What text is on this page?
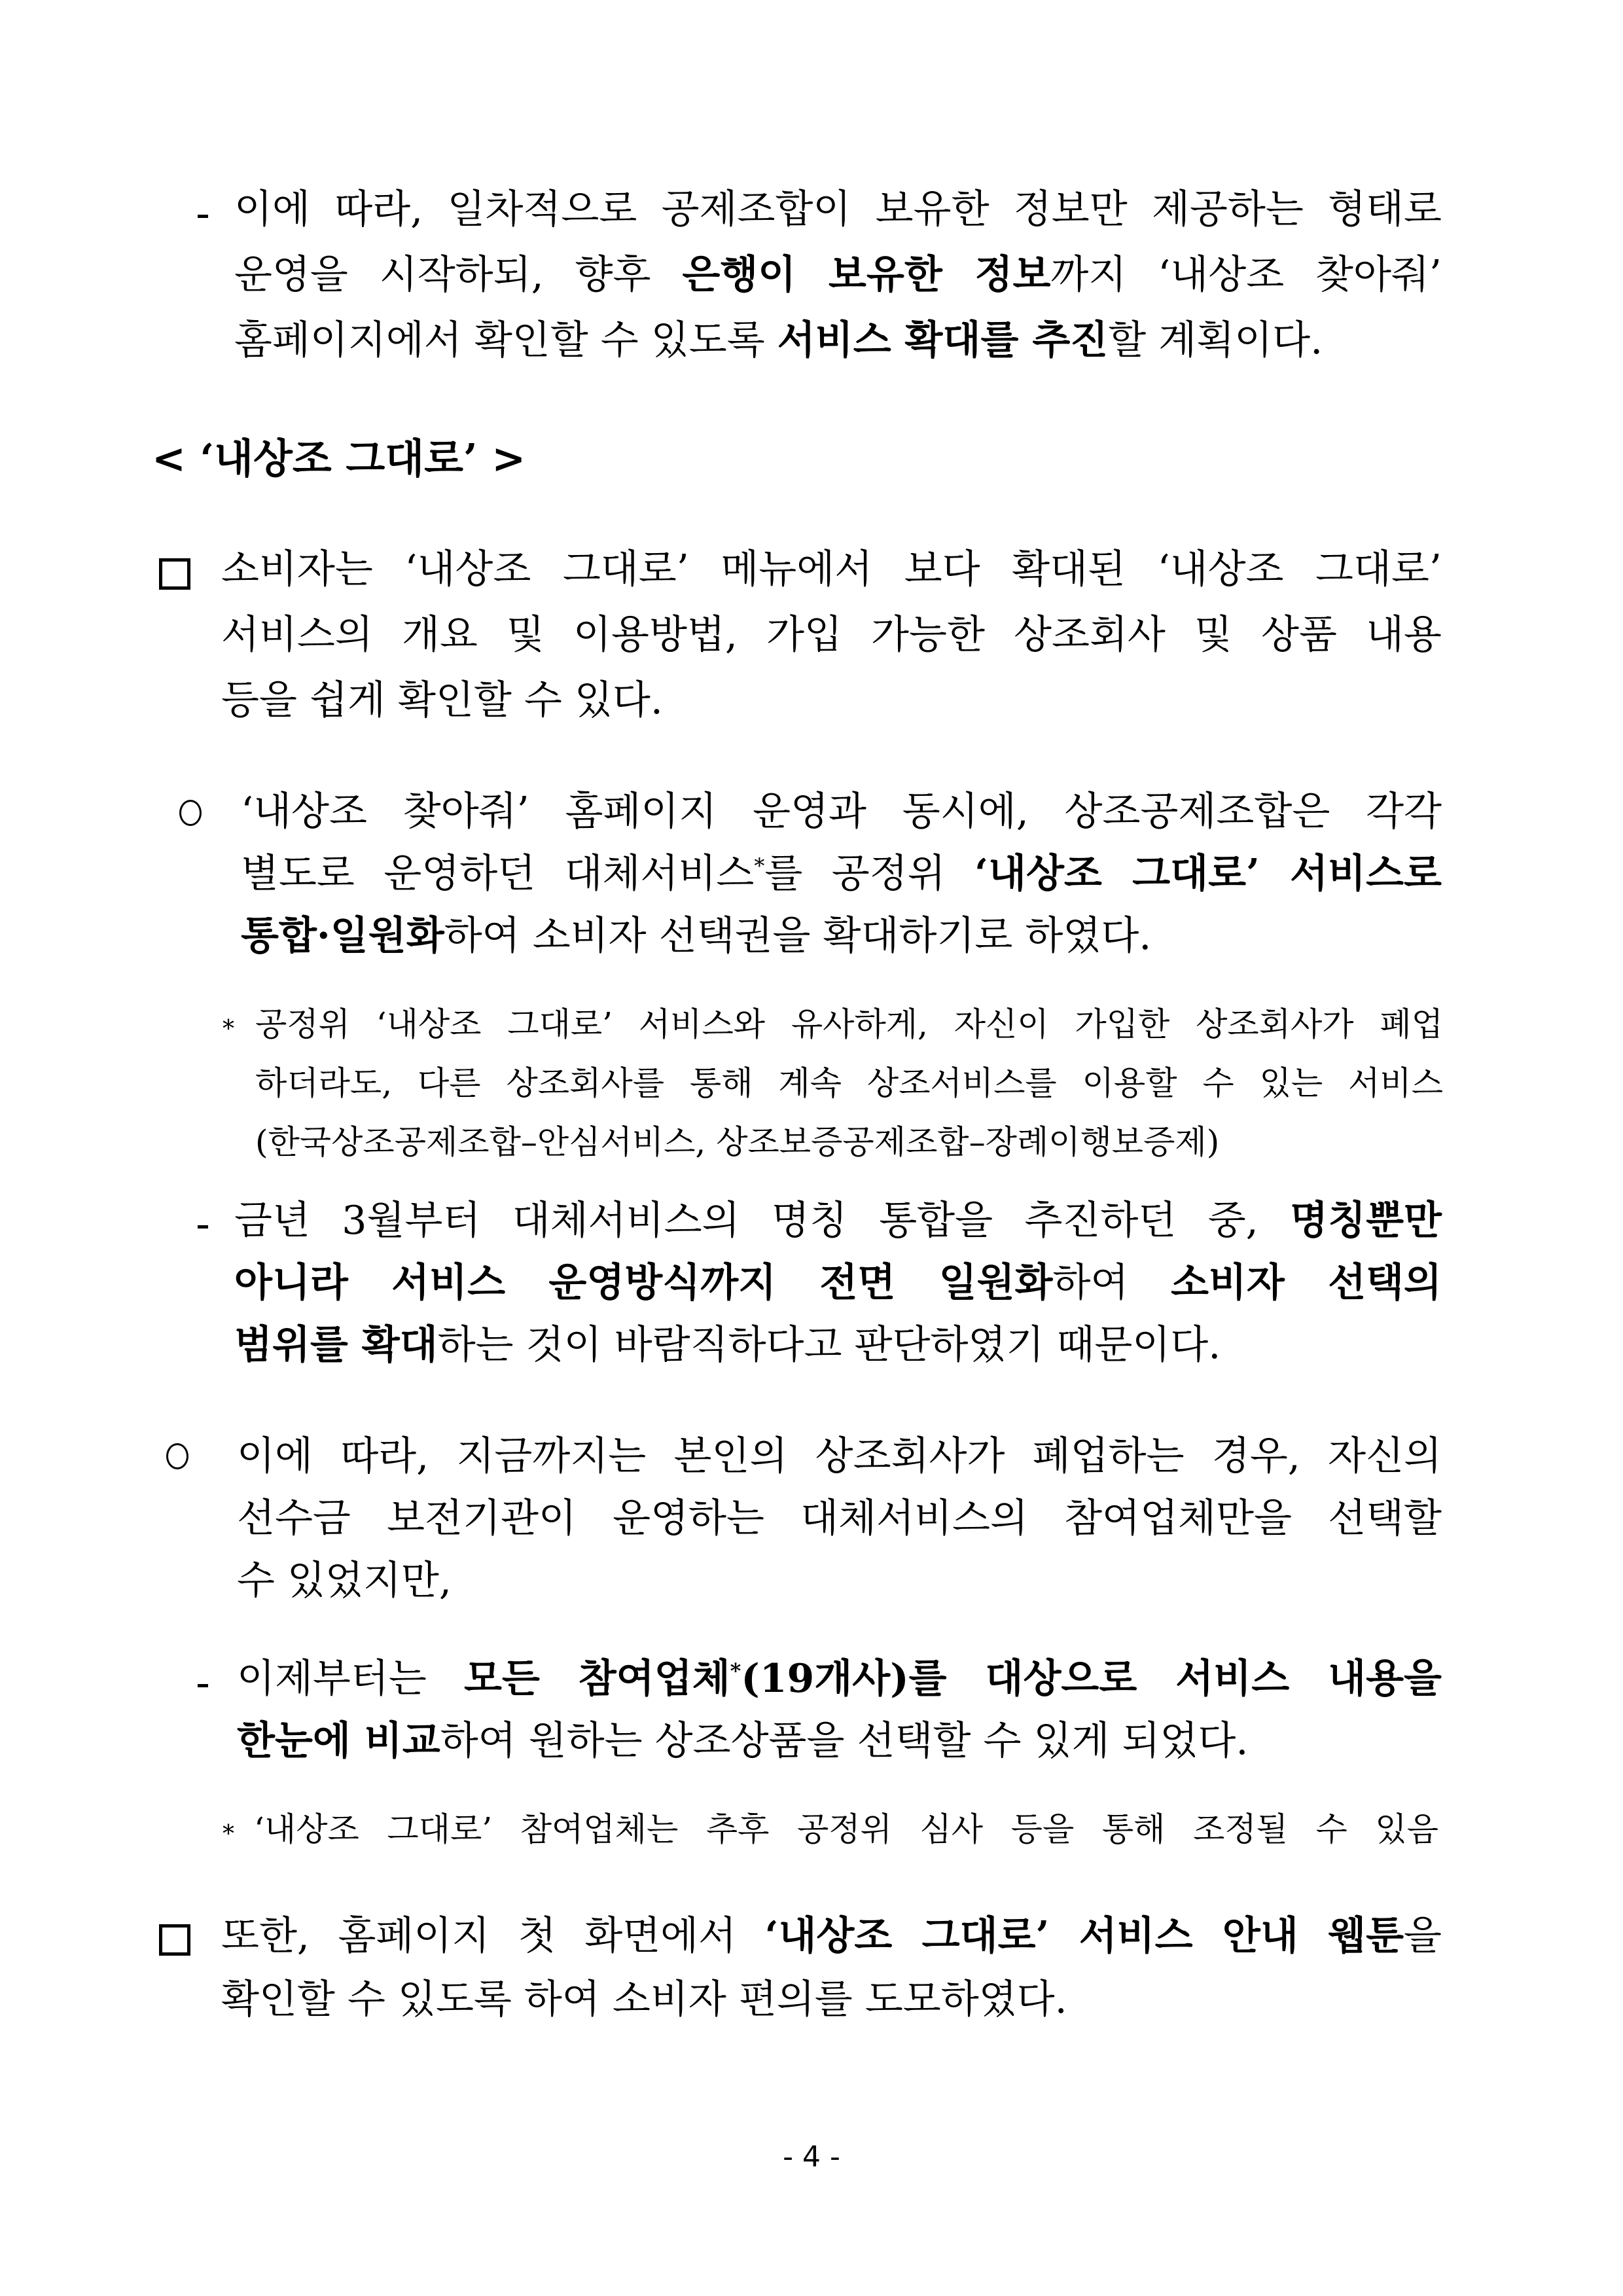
이에 따라, 일차적으로 공제조합이 보유한 정보만 제공하는 형태로
운영을 시작하되, 향후 은행이 보유한 정보까지 ‘내상조 찾아줘’
홈페이지에서 확인할 수 있도록 서비스 확대를 추진할 계획이다.
< ‘내상조 그대로’ >
소비자는 ‘내상조 그대로’ 메뉴에서 보다 확대된 ‘내상조 그대로’
서비스의 개요 및 이용방법, 가입 가능한 상조회사 및 상품 내용
등을 쉽게 확인할 수 있다.
‘내상조 찾아줘’ 홈페이지 운영과 동시에, 상조공제조합은 각각
별도로 운영하던 대체서비스*를 공정위 ‘내상조 그대로’ 서비스로
통합·일원화하여 소비자 선택권을 확대하기로 하였다.
* 공정위 ‘내상조 그대로’ 서비스와 유사하게, 자신이 가입한 상조회사가 폐업
하더라도, 다른 상조회사를 통해 계속 상조서비스를 이용할 수 있는 서비스
(한국상조공제조합–안심서비스, 상조보증공제조합–장례이행보증제)
금년 3월부터 대체서비스의 명칭 통합을 추진하던 중, 명칭뿐만
아니라 서비스 운영방식까지 전면 일원화하여 소비자 선택의
범위를 확대하는 것이 바람직하다고 판단하였기 때문이다.
이에 따라, 지금까지는 본인의 상조회사가 폐업하는 경우, 자신의
선수금 보전기관이 운영하는 대체서비스의 참여업체만을 선택할
수 있었지만,
이제부터는 모든 참여업체*(19개사)를 대상으로 서비스 내용을
한눈에 비교하여 원하는 상조상품을 선택할 수 있게 되었다.
* ‘내상조 그대로’ 참여업체는 추후 공정위 심사 등을 통해 조정될 수 있음
또한, 홈페이지 첫 화면에서 ‘내상조 그대로’ 서비스 안내 웹툰을
확인할 수 있도록 하여 소비자 편의를 도모하였다.
- 4 -
